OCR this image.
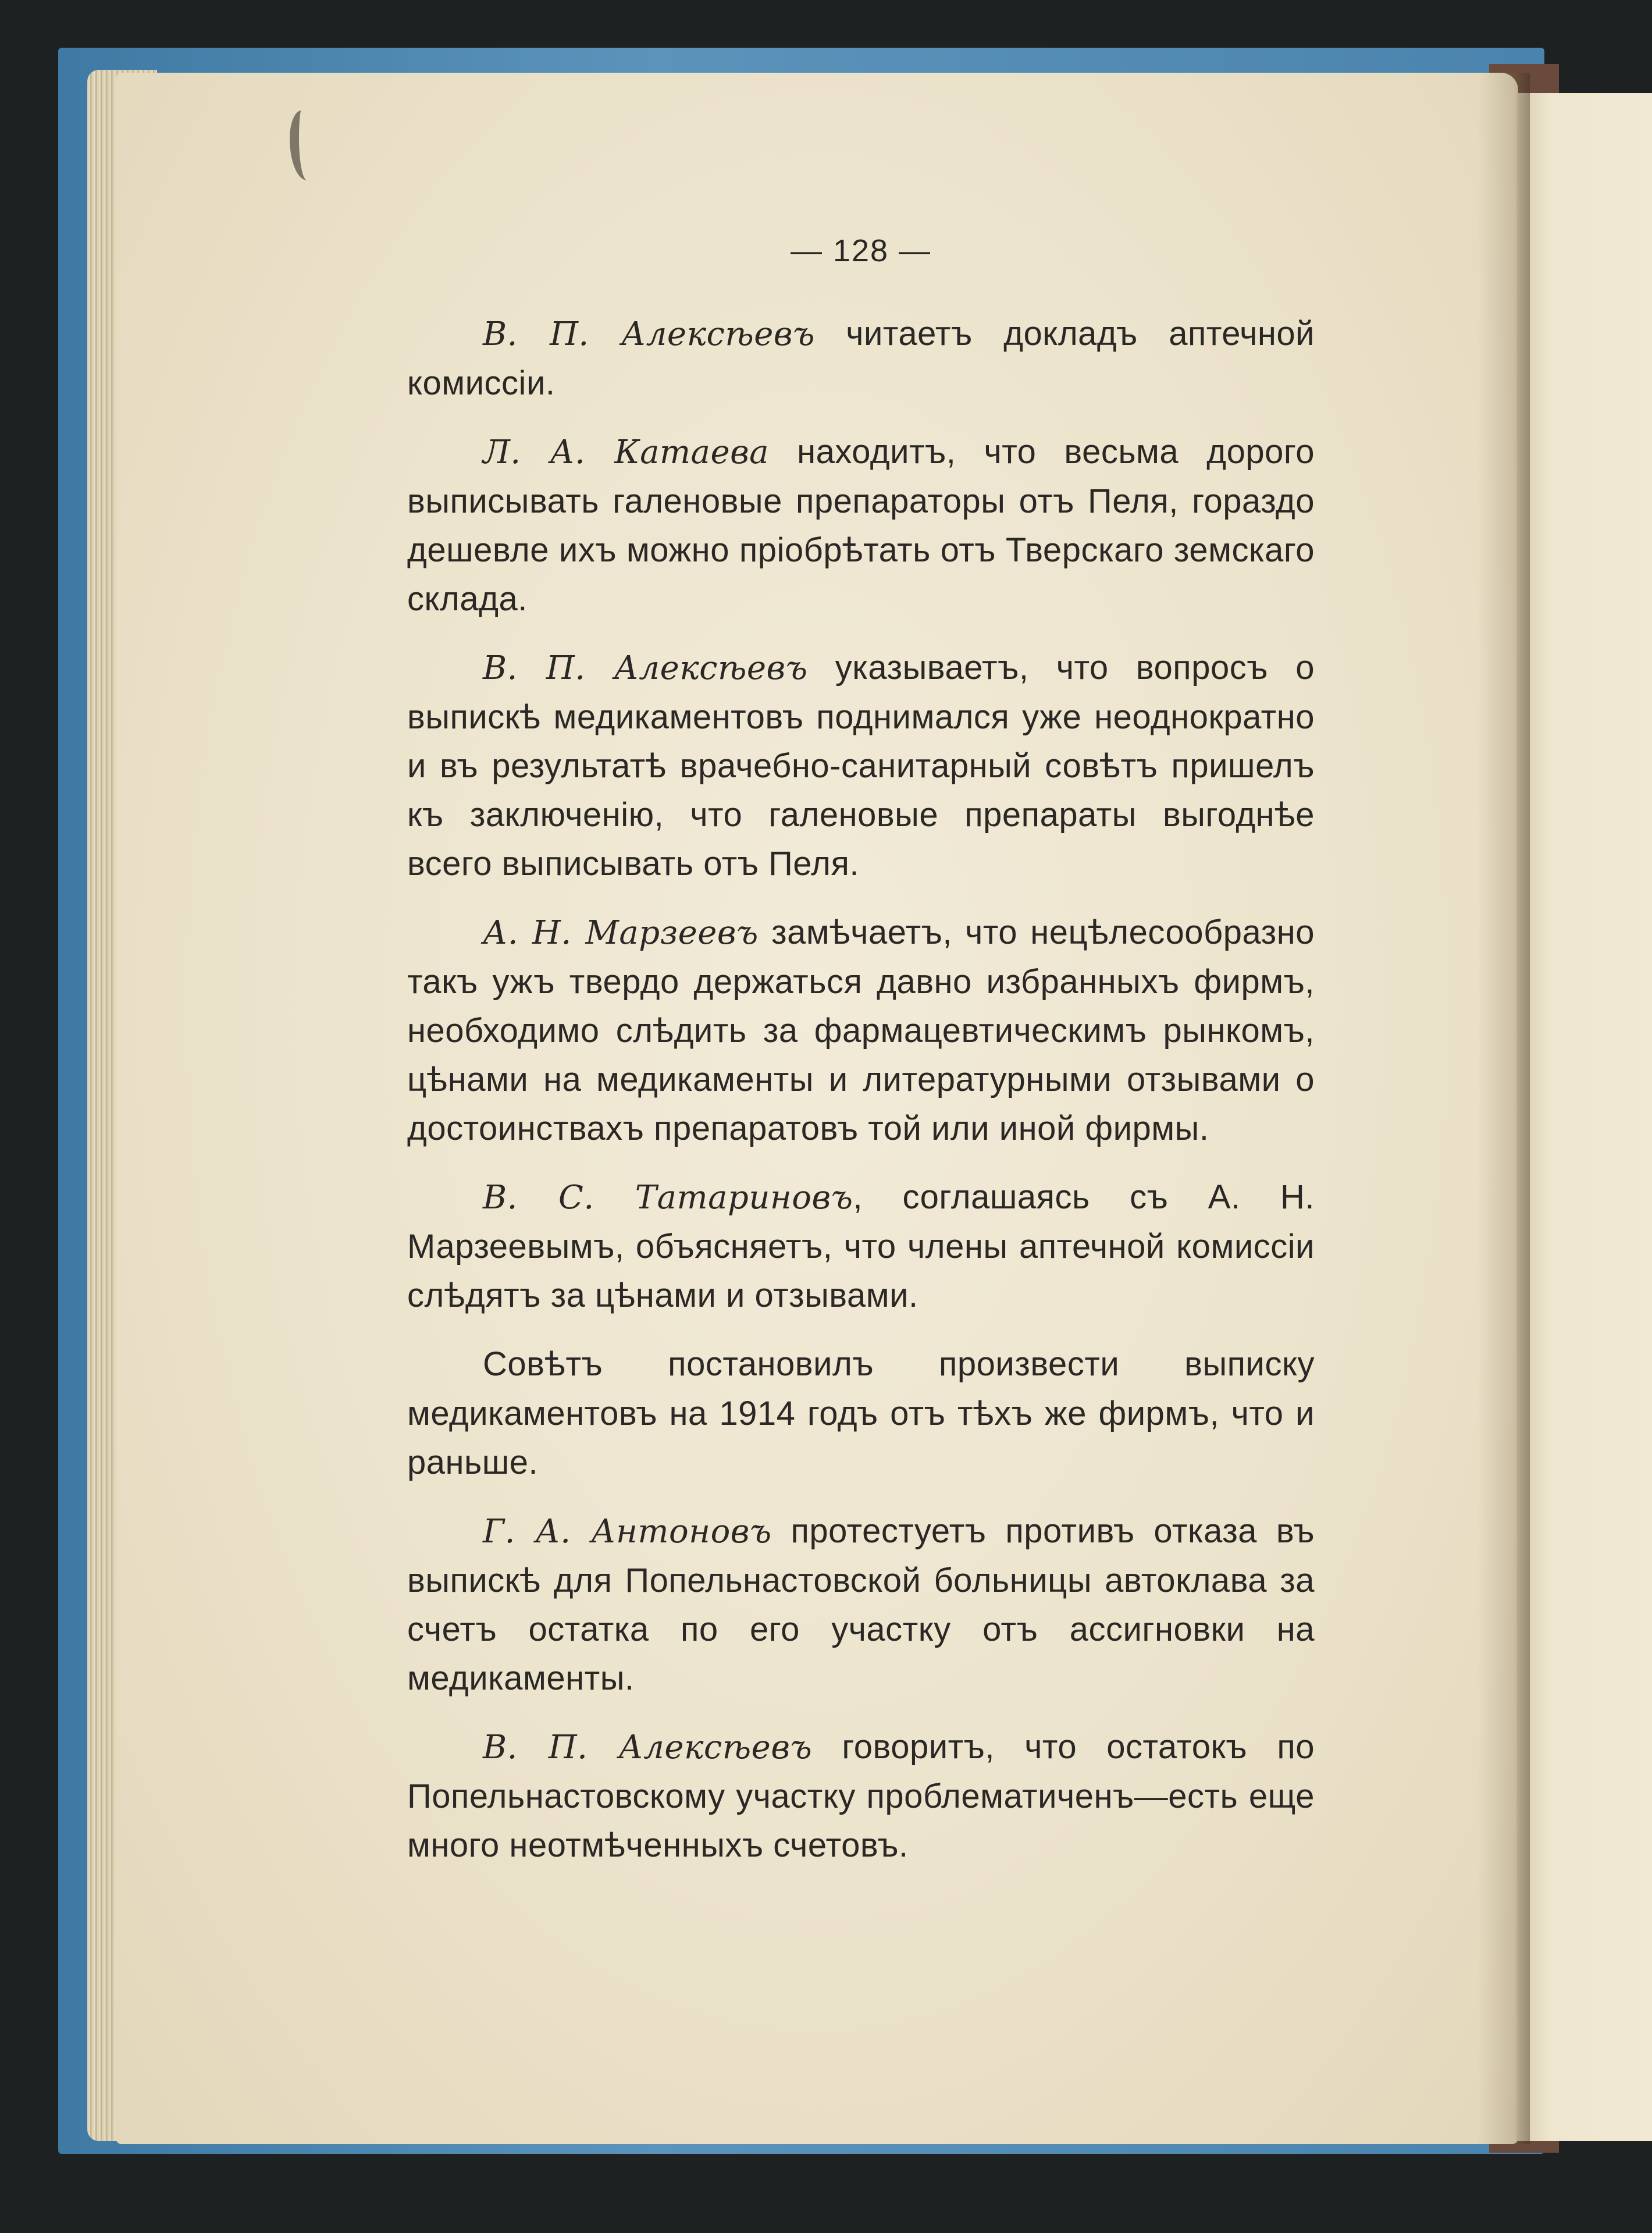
— 128 —

В. П. Алексѣевъ читаетъ докладъ аптечной комиссіи.

Л. А. Катаева находитъ, что весьма дорого выписывать галеновые препараторы отъ Пеля, гораздо дешевле ихъ можно пріобрѣтать отъ Тверскаго земскаго склада.

В. П. Алексѣевъ указываетъ, что вопросъ о выпискѣ медикаментовъ поднимался уже неоднократно и въ результатѣ врачебно-санитарный совѣтъ пришелъ къ заключенію, что галеновые препараты выгоднѣе всего выписывать отъ Пеля.

А. Н. Марзеевъ замѣчаетъ, что нецѣлесообразно такъ ужъ твердо держаться давно избранныхъ фирмъ, необходимо слѣдить за фармацевтическимъ рынкомъ, цѣнами на медикаменты и литературными отзывами о достоинствахъ препаратовъ той или иной фирмы.

В. С. Татариновъ, соглашаясь съ А. Н. Марзеевымъ, объясняетъ, что члены аптечной комиссіи слѣдятъ за цѣнами и отзывами.

Совѣтъ постановилъ произвести выписку медикаментовъ на 1914 годъ отъ тѣхъ же фирмъ, что и раньше.

Г. А. Антоновъ протестуетъ противъ отказа въ выпискѣ для Попельнастовской больницы автоклава за счетъ остатка по его участку отъ ассигновки на медикаменты.

В. П. Алексѣевъ говоритъ, что остатокъ по Попельнастовскому участку проблематиченъ—есть еще много неотмѣченныхъ счетовъ.
